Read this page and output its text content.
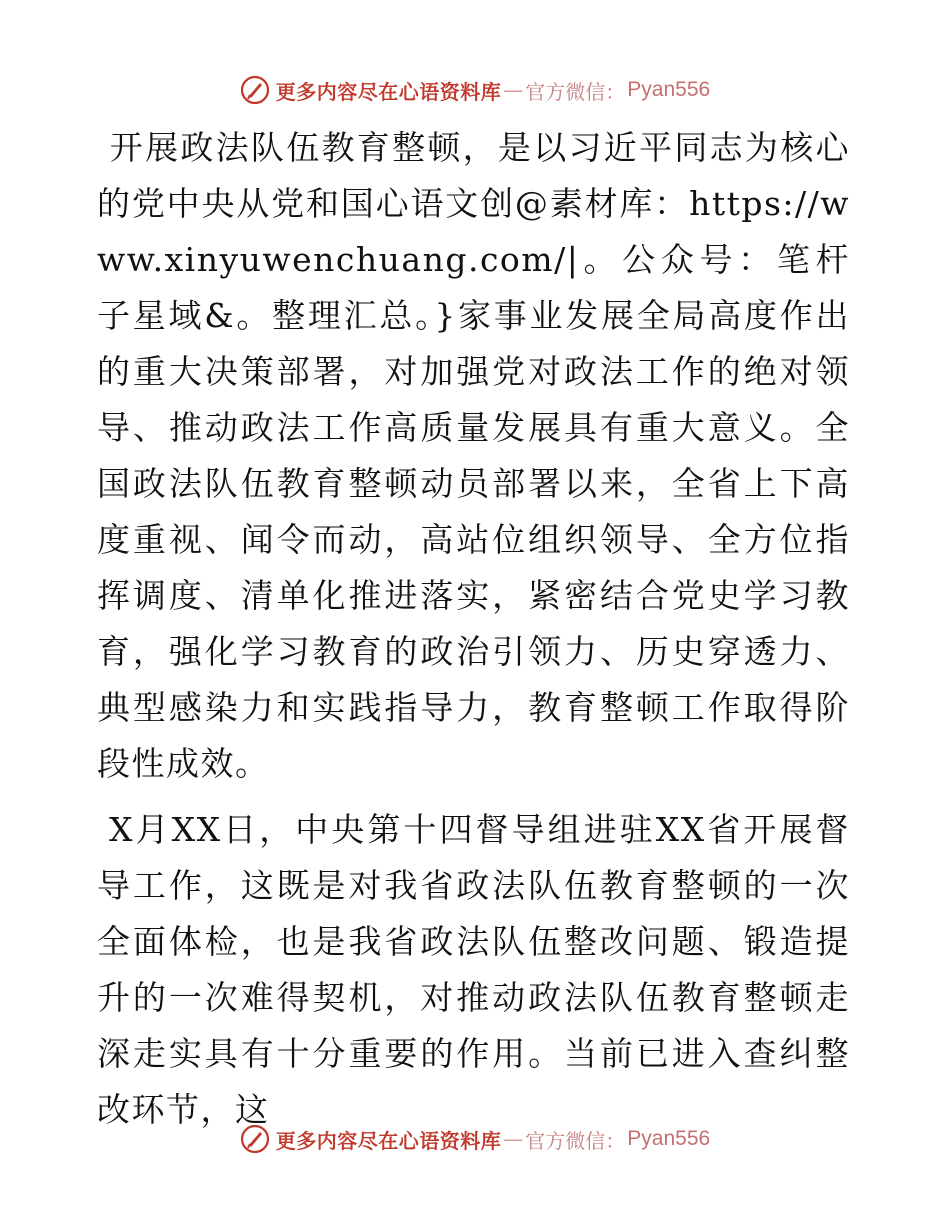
更多内容尽在心语资料库 — 官方微信： Pyan556

开展政法队伍教育整顿，是以习近平同志为核心的党中央从党和国心语文创@素材库：https://www.xinyuwenchuang.com/|。公众号：笔杆子星域&。整理汇总。}家事业发展全局高度作出的重大决策部署，对加强党对政法工作的绝对领导、推动政法工作高质量发展具有重大意义。全国政法队伍教育整顿动员部署以来，全省上下高度重视、闻令而动，高站位组织领导、全方位指挥调度、清单化推进落实，紧密结合党史学习教育，强化学习教育的政治引领力、历史穿透力、典型感染力和实践指导力，教育整顿工作取得阶段性成效。

X月XX日，中央第十四督导组进驻XX省开展督导工作，这既是对我省政法队伍教育整顿的一次全面体检，也是我省政法队伍整改问题、锻造提升的一次难得契机，对推动政法队伍教育整顿走深走实具有十分重要的作用。当前已进入查纠整改环节，这

更多内容尽在心语资料库 — 官方微信： Pyan556
